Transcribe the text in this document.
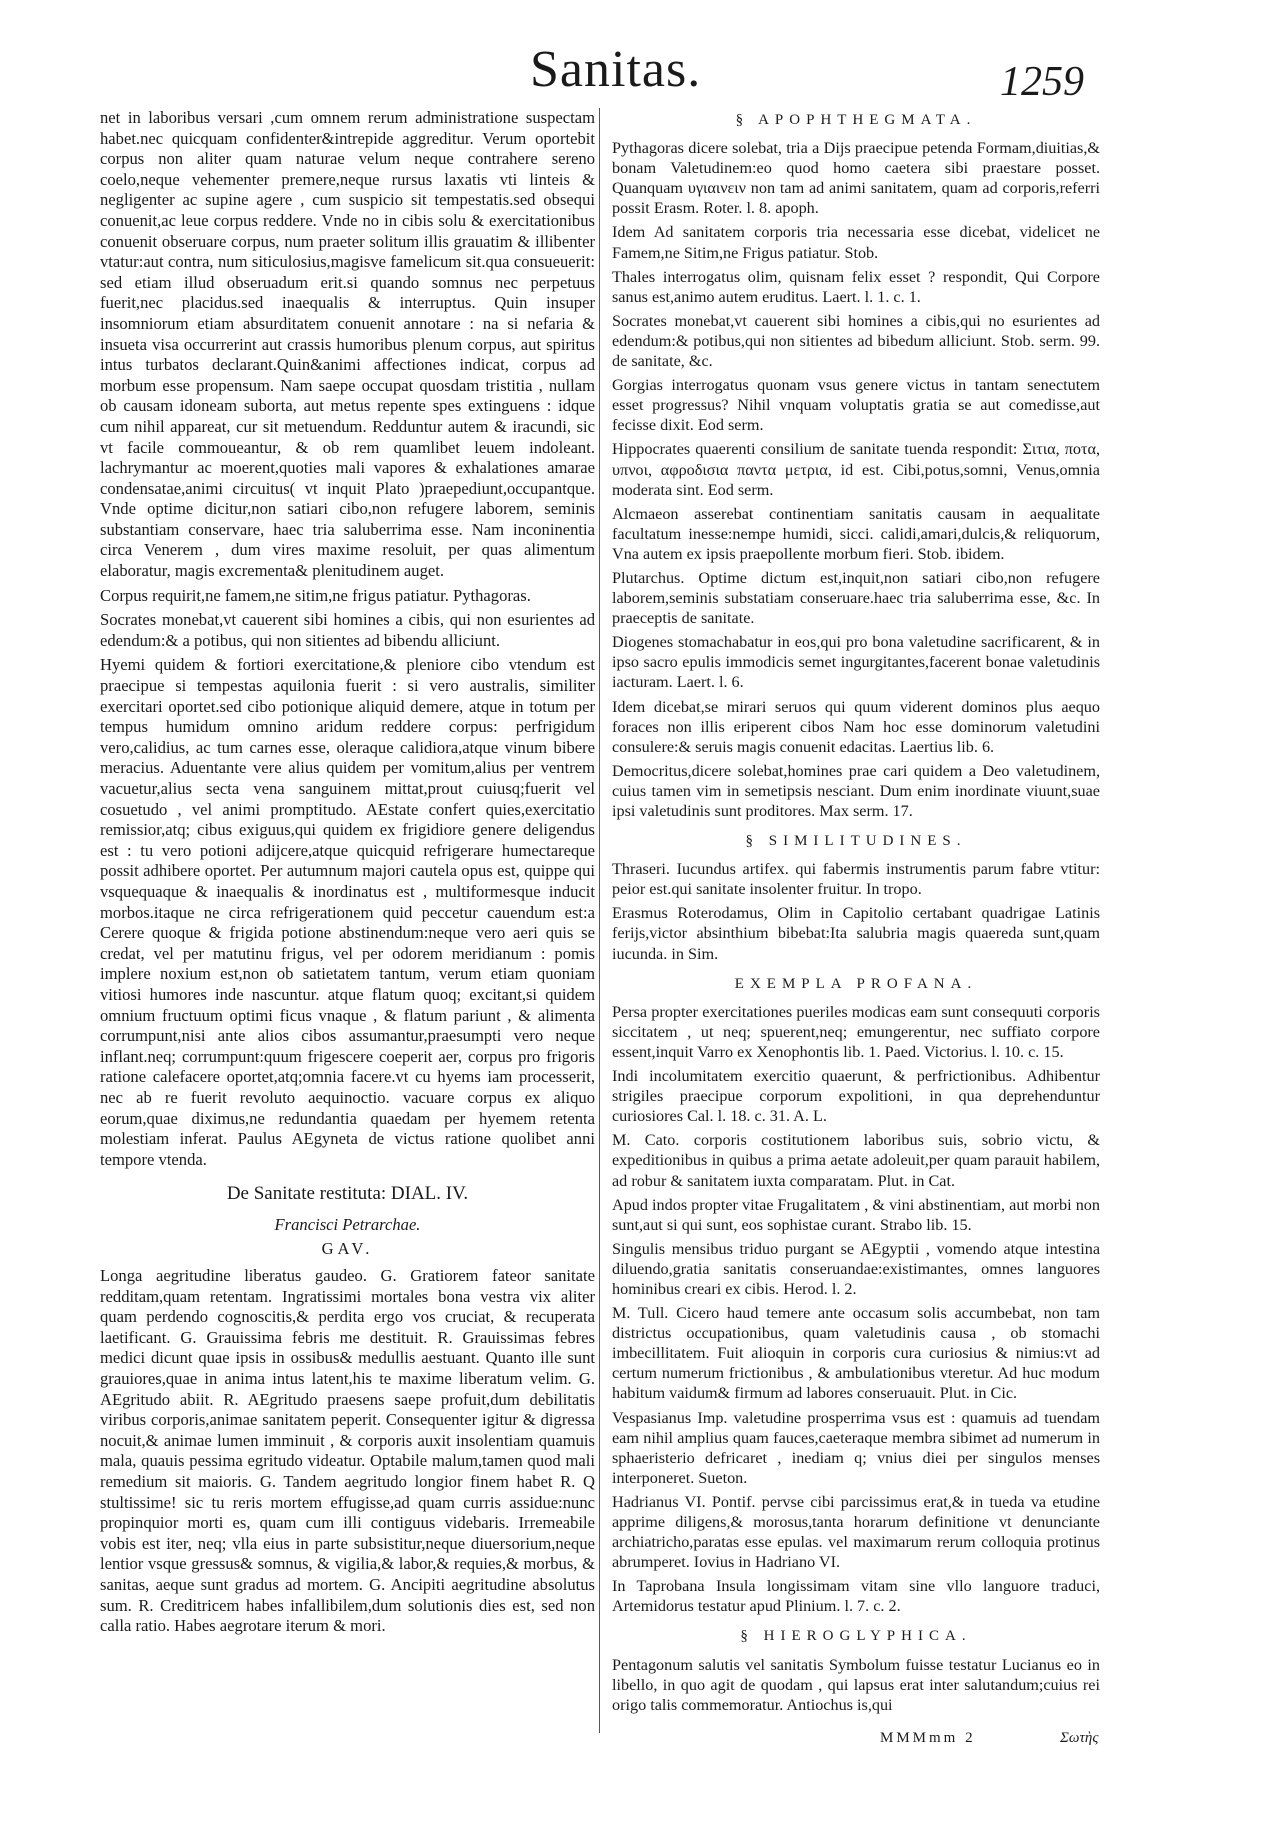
Sanitas.	1259

net in laboribus versari ,cum omnem rerum administratione suspectam habet.nec quicquam confidenter&intrepide aggreditur. Verum oportebit corpus non aliter quam naturae velum neque contrahere sereno coelo,neque vehementer premere,neque rursus laxatis vti linteis & negligenter ac supine agere , cum suspicio sit tempestatis.sed obsequi conuenit,ac leue corpus reddere. Vnde no in cibis solu & exercitationibus conuenit obseruare corpus, num praeter solitum illis grauatim & illibenter vtatur:aut contra, num siticulosius,magisve famelicum sit.qua consueuerit: sed etiam illud obseruadum erit.si quando somnus nec perpetuus fuerit,nec placidus.sed inaequalis & interruptus. Quin insuper insomniorum etiam absurditatem conuenit annotare : na si nefaria & insueta visa occurrerint aut crassis humoribus plenum corpus, aut spiritus intus turbatos declarant.Quin&animi affectiones indicat, corpus ad morbum esse propensum. Nam saepe occupat quosdam tristitia , nullam ob causam idoneam suborta, aut metus repente spes extinguens : idque cum nihil appareat, cur sit metuendum. Redduntur autem & iracundi, sic vt facile commoueantur, & ob rem quamlibet leuem indoleant. lachrymantur ac moerent,quoties mali vapores & exhalationes amarae condensatae,animi circuitus( vt inquit Plato )praepediunt,occupantque. Vnde optime dicitur,non satiari cibo,non refugere laborem, seminis substantiam conservare, haec tria saluberrima esse. Nam inconinentia circa Venerem , dum vires maxime resoluit, per quas alimentum elaboratur, magis excrementa& plenitudinem auget.

Corpus requirit,ne famem,ne sitim,ne frigus patiatur. Pythagoras.

Socrates monebat,vt cauerent sibi homines a cibis, qui non esurientes ad edendum:& a potibus, qui non sitientes ad bibendu alliciunt.

Hyemi quidem & fortiori exercitatione,& pleniore cibo vtendum est praecipue si tempestas aquilonia fuerit : si vero australis, similiter exercitari oportet.sed cibo potionique aliquid demere, atque in totum per tempus humidum omnino aridum reddere corpus: perfrigidum vero,calidius, ac tum carnes esse, oleraque calidiora,atque vinum bibere meracius. Aduentante vere alius quidem per vomitum,alius per ventrem vacuetur,alius secta vena sanguinem mittat,prout cuiusq;fuerit vel cosuetudo , vel animi promptitudo. AEstate confert quies,exercitatio remissior,atq; cibus exiguus,qui quidem ex frigidiore genere deligendus est : tu vero potioni adijcere,atque quicquid refrigerare humectareque possit adhibere oportet. Per autumnum majori cautela opus est, quippe qui vsquequaque & inaequalis & inordinatus est , multiformesque inducit morbos.itaque ne circa refrigerationem quid peccetur cauendum est:a Cerere quoque & frigida potione abstinendum:neque vero aeri quis se credat, vel per matutinu frigus, vel per odorem meridianum : pomis implere noxium est,non ob satietatem tantum, verum etiam quoniam vitiosi humores inde nascuntur. atque flatum quoq; excitant,si quidem omnium fructuum optimi ficus vnaque , & flatum pariunt , & alimenta corrumpunt,nisi ante alios cibos assumantur,praesumpti vero neque inflant.neq; corrumpunt:quum frigescere coeperit aer, corpus pro frigoris ratione calefacere oportet,atq;omnia facere.vt cu hyems iam processerit, nec ab re fuerit revoluto aequinoctio. vacuare corpus ex aliquo eorum,quae diximus,ne redundantia quaedam per hyemem retenta molestiam inferat. Paulus AEgyneta de victus ratione quolibet anni tempore vtenda.

De Sanitate restituta: DIAL. IV.
Francisci Petrarchae.
GAV.

Longa aegritudine liberatus gaudeo. G. Gratiorem fateor sanitate redditam,quam retentam. Ingratissimi mortales bona vestra vix aliter quam perdendo cognoscitis,& perdita ergo vos cruciat, & recuperata laetificant. G. Grauissima febris me destituit. R. Grauissimas febres medici dicunt quae ipsis in ossibus& medullis aestuant. Quanto ille sunt grauiores,quae in anima intus latent,his te maxime liberatum velim. G. AEgritudo abiit. R. AEgritudo praesens saepe profuit,dum debilitatis viribus corporis,animae sanitatem peperit. Consequenter igitur & digressa nocuit,& animae lumen imminuit , & corporis auxit insolentiam quamuis mala, quauis pessima egritudo videatur. Optabile malum,tamen quod mali remedium sit maioris. G. Tandem aegritudo longior finem habet R. Q stultissime! sic tu reris mortem effugisse,ad quam curris assidue:nunc propinquior morti es, quam cum illi contiguus videbaris. Irremeabile vobis est iter, neq; vlla eius in parte subsistitur,neque diuersorium,neque lentior vsque gressus& somnus, & vigilia,& labor,& requies,& morbus, & sanitas, aeque sunt gradus ad mortem. G. Ancipiti aegritudine absolutus sum. R. Creditricem habes infallibilem,dum solutionis dies est, sed non calla ratio. Habes aegrotare iterum & mori.

§ APOPHTHEGMATA.

Pythagoras dicere solebat, tria a Dijs praecipue petenda Formam,diuitias,& bonam Valetudinem:eo quod homo caetera sibi praestare posset. Quanquam υγιαινειν non tam ad animi sanitatem, quam ad corporis,referri possit Erasm. Roter. l. 8. apoph.

Idem Ad sanitatem corporis tria necessaria esse dicebat, videlicet ne Famem,ne Sitim,ne Frigus patiatur. Stob.

Thales interrogatus olim, quisnam felix esset ? respondit, Qui Corpore sanus est,animo autem eruditus. Laert. l. 1. c. 1.

Socrates monebat,vt cauerent sibi homines a cibis,qui no esurientes ad edendum:& potibus,qui non sitientes ad bibedum alliciunt. Stob. serm. 99. de sanitate, &c.

Gorgias interrogatus quonam vsus genere victus in tantam senectutem esset progressus? Nihil vnquam voluptatis gratia se aut comedisse,aut fecisse dixit. Eod serm.

Hippocrates quaerenti consilium de sanitate tuenda respondit: Σιτια, ποτα, υπνοι, αφροδισια παντα μετρια, id est. Cibi,potus,somni, Venus,omnia moderata sint. Eod serm.

Alcmaeon asserebat continentiam sanitatis causam in aequalitate facultatum inesse:nempe humidi, sicci. calidi,amari,dulcis,& reliquorum, Vna autem ex ipsis praepollente morbum fieri. Stob. ibidem.

Plutarchus. Optime dictum est,inquit,non satiari cibo,non refugere laborem,seminis substatiam conseruare.haec tria saluberrima esse, &c. In praeceptis de sanitate.

Diogenes stomachabatur in eos,qui pro bona valetudine sacrificarent, & in ipso sacro epulis immodicis semet ingurgitantes,facerent bonae valetudinis iacturam. Laert. l. 6.

Idem dicebat,se mirari seruos qui quum viderent dominos plus aequo foraces non illis eriperent cibos Nam hoc esse dominorum valetudini consulere:& seruis magis conuenit edacitas. Laertius lib. 6.

Democritus,dicere solebat,homines prae cari quidem a Deo valetudinem, cuius tamen vim in semetipsis nesciant. Dum enim inordinate viuunt,suae ipsi valetudinis sunt proditores. Max serm. 17.

§ SIMILITUDINES.

Thraseri. Iucundus artifex. qui fabermis instrumentis parum fabre vtitur: peior est.qui sanitate insolenter fruitur. In tropo.

Erasmus Roterodamus, Olim in Capitolio certabant quadrigae Latinis ferijs,victor absinthium bibebat:Ita salubria magis quaereda sunt,quam iucunda. in Sim.

EXEMPLA PROFANA.

Persa propter exercitationes pueriles modicas eam sunt consequuti corporis siccitatem , ut neq; spuerent,neq; emungerentur, nec suffiato corpore essent,inquit Varro ex Xenophontis lib. 1. Paed. Victorius. l. 10. c. 15.

Indi incolumitatem exercitio quaerunt, & perfrictionibus. Adhibentur strigiles praecipue corporum expolitioni, in qua deprehenduntur curiosiores Cal. l. 18. c. 31. A. L.

M. Cato. corporis costitutionem laboribus suis, sobrio victu, & expeditionibus in quibus a prima aetate adoleuit,per quam parauit habilem, ad robur & sanitatem iuxta comparatam. Plut. in Cat.

Apud indos propter vitae Frugalitatem , & vini abstinentiam, aut morbi non sunt,aut si qui sunt, eos sophistae curant. Strabo lib. 15.

Singulis mensibus triduo purgant se AEgyptii , vomendo atque intestina diluendo,gratia sanitatis conseruandae:existimantes, omnes languores hominibus creari ex cibis. Herod. l. 2.

M. Tull. Cicero haud temere ante occasum solis accumbebat, non tam districtus occupationibus, quam valetudinis causa , ob stomachi imbecillitatem. Fuit alioquin in corporis cura curiosius & nimius:vt ad certum numerum frictionibus , & ambulationibus vteretur. Ad huc modum habitum vaidum& firmum ad labores conseruauit. Plut. in Cic.

Vespasianus Imp. valetudine prosperrima vsus est : quamuis ad tuendam eam nihil amplius quam fauces,caeteraque membra sibimet ad numerum in sphaeristerio defricaret , inediam q; vnius diei per singulos menses interponeret. Sueton.

Hadrianus VI. Pontif. pervse cibi parcissimus erat,& in tueda va etudine apprime diligens,& morosus,tanta horarum definitione vt denunciante archiatricho,paratas esse epulas. vel maximarum rerum colloquia protinus abrumperet. Iovius in Hadriano VI.

In Taprobana Insula longissimam vitam sine vllo languore traduci, Artemidorus testatur apud Plinium. l. 7. c. 2.

§ HIEROGLYPHICA.

Pentagonum salutis vel sanitatis Symbolum fuisse testatur Lucianus eo in libello, in quo agit de quodam , qui lapsus erat inter salutandum;cuius rei origo talis commemoratur. Antiochus is,qui

MMMmm 2	Σωτὴς
